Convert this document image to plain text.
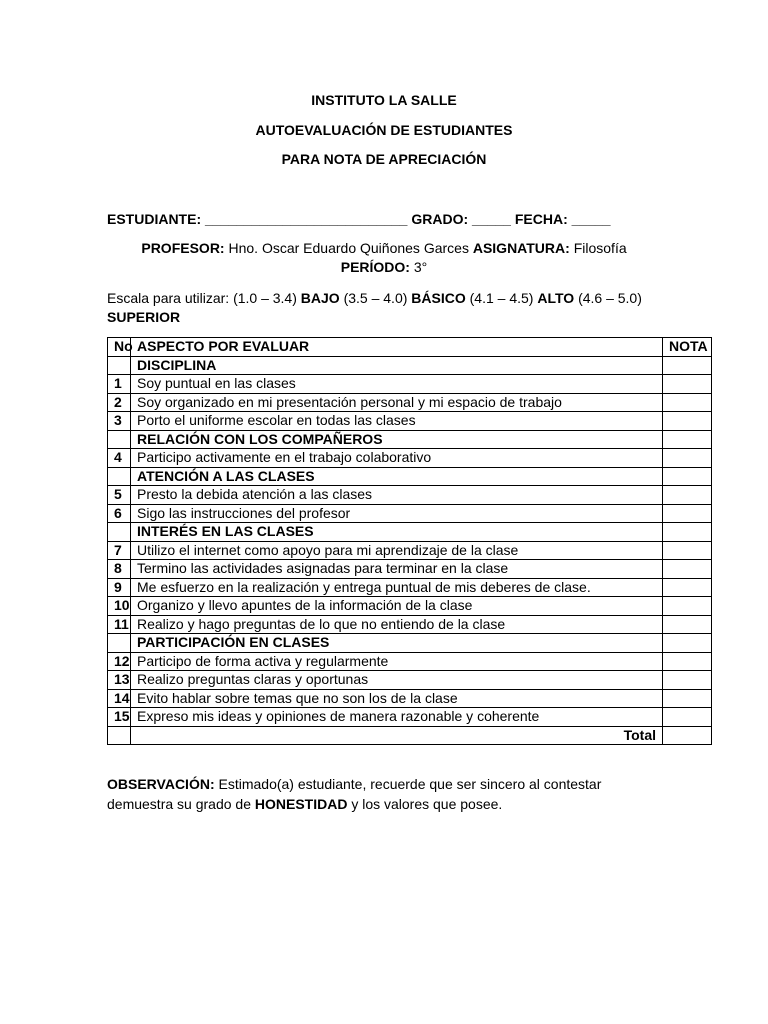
INSTITUTO LA SALLE
AUTOEVALUACIÓN DE ESTUDIANTES
PARA NOTA DE APRECIACIÓN
ESTUDIANTE: __________________________ GRADO: _____ FECHA: _____
PROFESOR: Hno. Oscar Eduardo Quiñones Garces ASIGNATURA: Filosofía
PERÍODO: 3°
Escala para utilizar: (1.0 – 3.4) BAJO (3.5 – 4.0) BÁSICO (4.1 – 4.5) ALTO (4.6 – 5.0) SUPERIOR
No	ASPECTO POR EVALUAR	NOTA
	DISCIPLINA	
1	Soy puntual en las clases	
2	Soy organizado en mi presentación personal y mi espacio de trabajo	
3	Porto el uniforme escolar en todas las clases	
	RELACIÓN CON LOS COMPAÑEROS	
4	Participo activamente en el trabajo colaborativo	
	ATENCIÓN A LAS CLASES	
5	Presto la debida atención a las clases	
6	Sigo las instrucciones del profesor	
	INTERÉS EN LAS CLASES	
7	Utilizo el internet como apoyo para mi aprendizaje de la clase	
8	Termino las actividades asignadas para terminar en la clase	
9	Me esfuerzo en la realización y entrega puntual de mis deberes de clase.	
10	Organizo y llevo apuntes de la información de la clase	
11	Realizo y hago preguntas de lo que no entiendo de la clase	
	PARTICIPACIÓN EN CLASES	
12	Participo de forma activa y regularmente	
13	Realizo preguntas claras y oportunas	
14	Evito hablar sobre temas que no son los de la clase	
15	Expreso mis ideas y opiniones de manera razonable y coherente	
	Total	
OBSERVACIÓN: Estimado(a) estudiante, recuerde que ser sincero al contestar demuestra su grado de HONESTIDAD y los valores que posee.
